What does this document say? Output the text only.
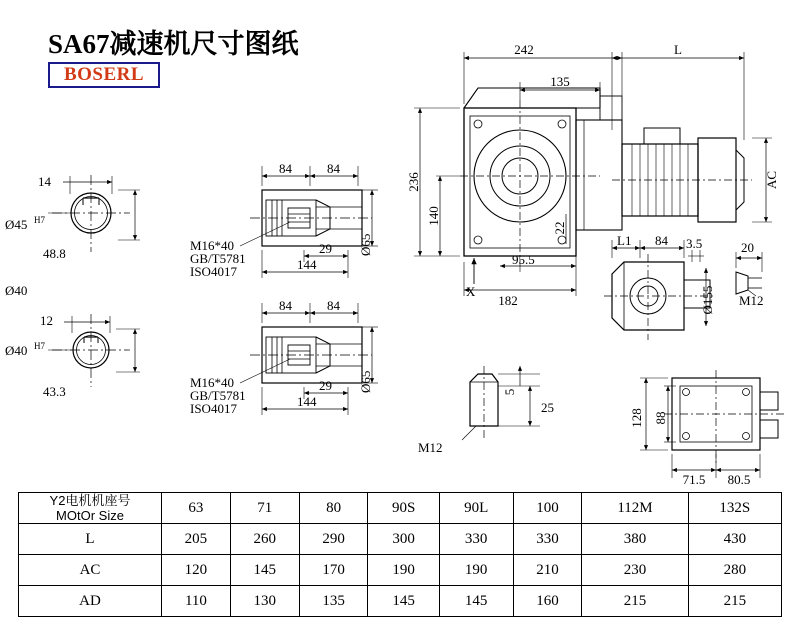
SA67减速机尺寸图纸
BOSERL
14
Ø45 H7
48.8
Ø40
12
Ø40 H7
43.3
84	84
29
144
Ø65
M16*40
GB/T5781
ISO4017
84	84
29
144
Ø65
M16*40
GB/T5781
ISO4017
242
135
L
236
140
22
AC
X
95.5
182
L1 84 3.5	20
Ø155 M12
5
25
M12
128 88
71.5 80.5
Y2电机机座号
MOtOr Size	63	71	80	90S	90L	100	112M	132S
L	205	260	290	300	330	330	380	430
AC	120	145	170	190	190	210	230	280
AD	110	130	135	145	145	160	215	215
